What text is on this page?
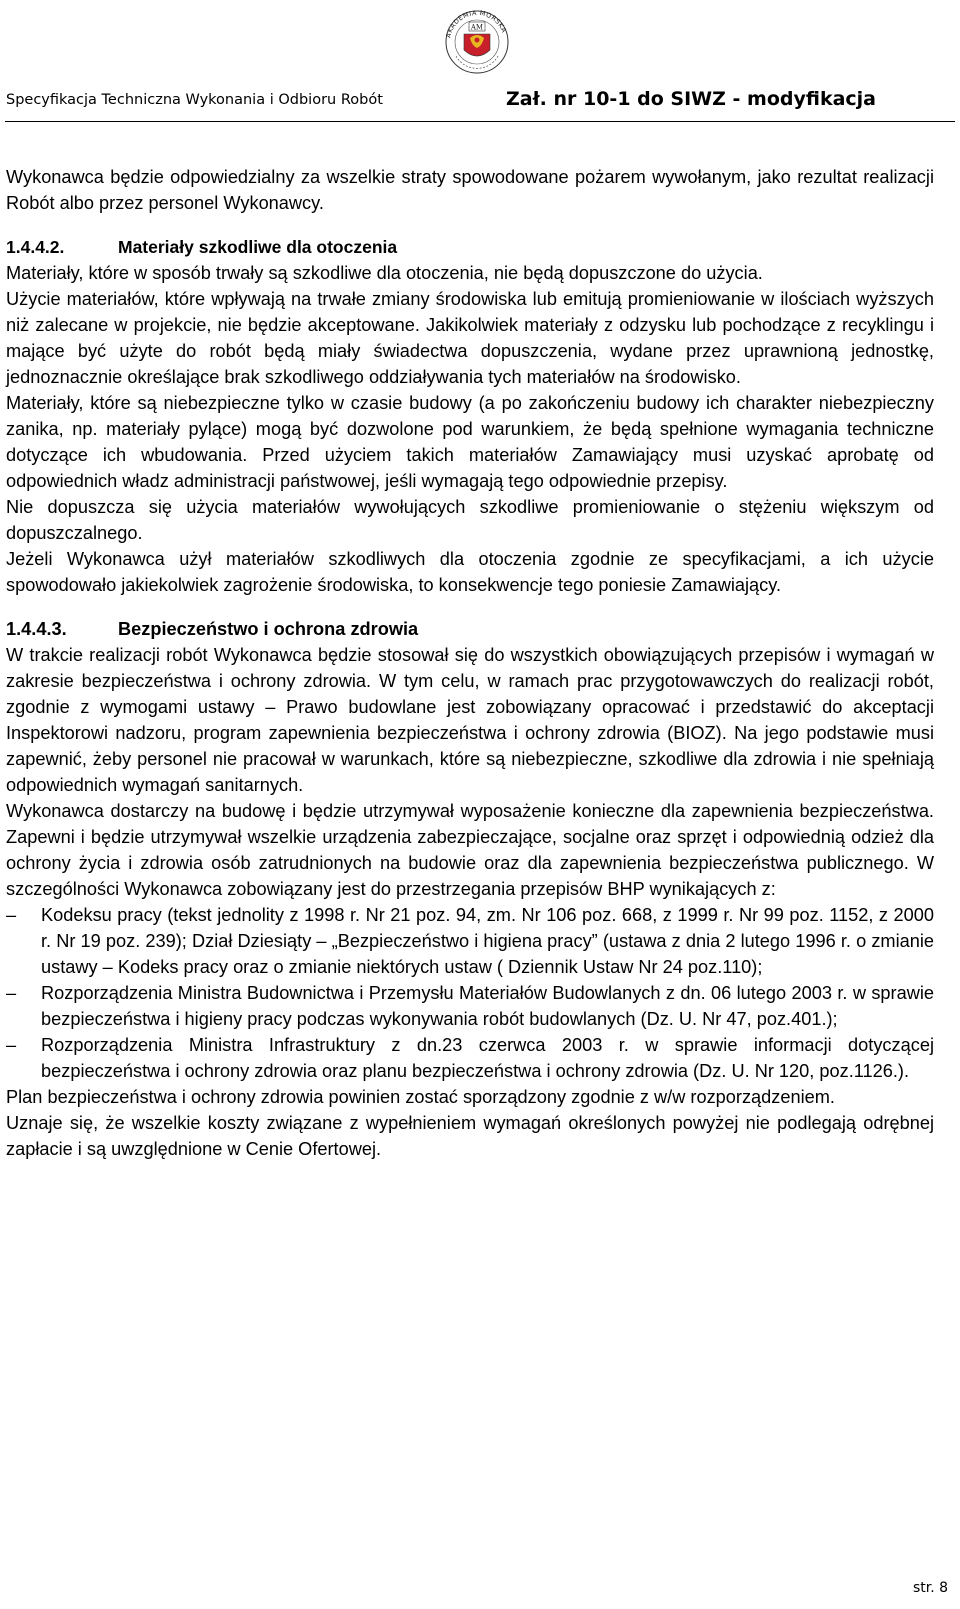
AKADEMIA MORSKA
AM
Specyfikacja Techniczna Wykonania i Odbioru Robót	Zał. nr 10-1 do SIWZ - modyfikacja

Wykonawca będzie odpowiedzialny za wszelkie straty spowodowane pożarem wywołanym, jako rezultat realizacji Robót albo przez personel Wykonawcy.

1.4.4.2.	Materiały szkodliwe dla otoczenia

Materiały, które w sposób trwały są szkodliwe dla otoczenia, nie będą dopuszczone do użycia.

Użycie materiałów, które wpływają na trwałe zmiany środowiska lub emitują promieniowanie w ilościach wyższych niż zalecane w projekcie, nie będzie akceptowane. Jakikolwiek materiały z odzysku lub pochodzące z recyklingu i mające być użyte do robót będą miały świadectwa dopuszczenia, wydane przez uprawnioną jednostkę, jednoznacznie określające brak szkodliwego oddziaływania tych materiałów na środowisko.

Materiały, które są niebezpieczne tylko w czasie budowy (a po zakończeniu budowy ich charakter niebezpieczny zanika, np. materiały pylące) mogą być dozwolone pod warunkiem, że będą spełnione wymagania techniczne dotyczące ich wbudowania. Przed użyciem takich materiałów Zamawiający musi uzyskać aprobatę od odpowiednich władz administracji państwowej, jeśli wymagają tego odpowiednie przepisy.

Nie dopuszcza się użycia materiałów wywołujących szkodliwe promieniowanie o stężeniu większym od dopuszczalnego.

Jeżeli Wykonawca użył materiałów szkodliwych dla otoczenia zgodnie ze specyfikacjami, a ich użycie spowodowało jakiekolwiek zagrożenie środowiska, to konsekwencje tego poniesie Zamawiający.

1.4.4.3.	Bezpieczeństwo i ochrona zdrowia

W trakcie realizacji robót Wykonawca będzie stosował się do wszystkich obowiązujących przepisów i wymagań w zakresie bezpieczeństwa i ochrony zdrowia. W tym celu, w ramach prac przygotowawczych do realizacji robót, zgodnie z wymogami ustawy – Prawo budowlane jest zobowiązany opracować i przedstawić do akceptacji Inspektorowi nadzoru, program zapewnienia bezpieczeństwa i ochrony zdrowia (BIOZ). Na jego podstawie musi zapewnić, żeby personel nie pracował w warunkach, które są niebezpieczne, szkodliwe dla zdrowia i nie spełniają odpowiednich wymagań sanitarnych.

Wykonawca dostarczy na budowę i będzie utrzymywał wyposażenie konieczne dla zapewnienia bezpieczeństwa. Zapewni i będzie utrzymywał wszelkie urządzenia zabezpieczające, socjalne oraz sprzęt i odpowiednią odzież dla ochrony życia i zdrowia osób zatrudnionych na budowie oraz dla zapewnienia bezpieczeństwa publicznego. W szczególności Wykonawca zobowiązany jest do przestrzegania przepisów BHP wynikających z:

– Kodeksu pracy (tekst jednolity z 1998 r. Nr 21 poz. 94, zm. Nr 106 poz. 668, z 1999 r. Nr 99 poz. 1152, z 2000 r. Nr 19 poz. 239); Dział Dziesiąty – „Bezpieczeństwo i higiena pracy” (ustawa z dnia 2 lutego 1996 r. o zmianie ustawy – Kodeks pracy oraz o zmianie niektórych ustaw ( Dziennik Ustaw Nr 24 poz.110);
– Rozporządzenia Ministra Budownictwa i Przemysłu Materiałów Budowlanych z dn. 06 lutego 2003 r. w sprawie bezpieczeństwa i higieny pracy podczas wykonywania robót budowlanych (Dz. U. Nr 47, poz.401.);
– Rozporządzenia Ministra Infrastruktury z dn.23 czerwca 2003 r. w sprawie informacji dotyczącej bezpieczeństwa i ochrony zdrowia oraz planu bezpieczeństwa i ochrony zdrowia (Dz. U. Nr 120, poz.1126.).

Plan bezpieczeństwa i ochrony zdrowia powinien zostać sporządzony zgodnie z w/w rozporządzeniem.

Uznaje się, że wszelkie koszty związane z wypełnieniem wymagań określonych powyżej nie podlegają odrębnej zapłacie i są uwzględnione w Cenie Ofertowej.

str. 8
